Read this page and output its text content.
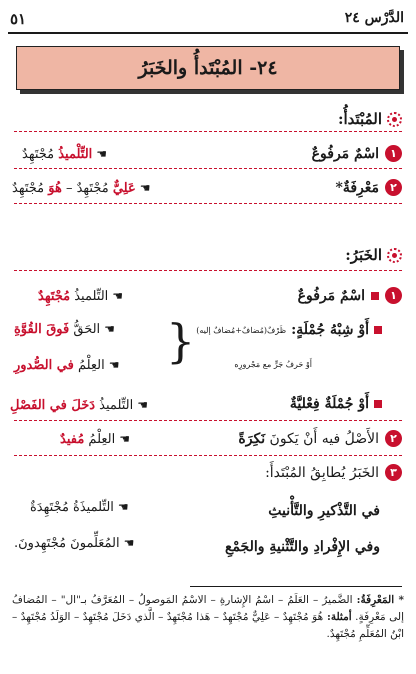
٥١	الدَّرْس ٢٤
٢٤- المُبْتَدأُ والخَبَرُ
المُبْتَدأُ:
١
اسْمٌ مَرفُوعٌ
☚
التِّلْميذُ مُجْتَهِدٌ
٢
مَعْرِفَةٌ*
☚
عَلِيٌّ مُجْتَهِدٌ – هُوَ مُجْتَهِدٌ
الخَبَرُ:
١
اسْمٌ مَرفُوعٌ
☚
التِّلميذُ مُجْتَهِدٌ
أَوْ شِبْهُ جُمْلَةٍ:
ظَرْفٌ(مُضافٌ+مُضافٌ إليه)
أَوْ حَرفُ جَرٍّ مع مَجْرورِه
{
☚
الحَقُّ فَوقَ القُوَّةِ
☚
العِلْمُ في الصُّدورِ
أَوْ جُمْلَةٌ فِعْليَّةٌ
☚
التِّلميذُ دَخَلَ في الفَصْلِ
٢
الأَصْلُ فيه أَنْ يَكونَ نَكِرَةً
☚
العِلْمُ مُفيدٌ
٣
الخَبَرُ يُطابِقُ المُبْتَدأَ:
في التَّذْكيرِ والتَّأْنيثِ
☚
التِّلميذَةُ مُجْتَهِدَةٌ
وفي الإِفْرادِ والتَّثْنيةِ والجَمْعِ
☚
المُعَلِّمونَ مُجْتَهِدونَ.
* المَعْرِفَةُ: الضَّميرُ – العَلَمُ – اسْمُ الإِشارةِ – الاسْمُ المَوصولُ – المُعَرَّفُ بـ"ال" – المُضافُ إلى مَعْرِفَةٍ. أمثلة: هُوَ مُجْتَهِدٌ – عَلِيٌّ مُجْتَهِدٌ – هَذا مُجْتَهِدٌ – الَّذي دَخَلَ مُجْتَهِدٌ – الوَلَدُ مُجْتَهِدٌ – ابْنُ المُعَلِّمِ مُجْتَهِدٌ.
